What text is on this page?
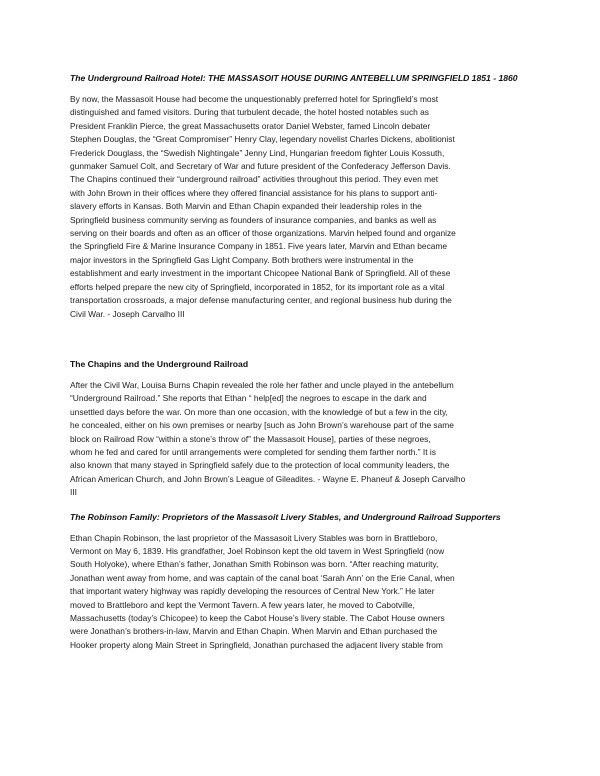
The Underground Railroad Hotel: THE MASSASOIT HOUSE DURING ANTEBELLUM SPRINGFIELD 1851 - 1860

By now, the Massasoit House had become the unquestionably preferred hotel for Springfield’s most
distinguished and famed visitors. During that turbulent decade, the hotel hosted notables such as
President Franklin Pierce, the great Massachusetts orator Daniel Webster, famed Lincoln debater
Stephen Douglas, the “Great Compromiser” Henry Clay, legendary novelist Charles Dickens, abolitionist
Frederick Douglass, the “Swedish Nightingale” Jenny Lind, Hungarian freedom fighter Louis Kossuth,
gunmaker Samuel Colt, and Secretary of War and future president of the Confederacy Jefferson Davis.
The Chapins continued their “underground railroad” activities throughout this period. They even met
with John Brown in their offices where they offered financial assistance for his plans to support anti-
slavery efforts in Kansas. Both Marvin and Ethan Chapin expanded their leadership roles in the
Springfield business community serving as founders of insurance companies, and banks as well as
serving on their boards and often as an officer of those organizations. Marvin helped found and organize
the Springfield Fire & Marine Insurance Company in 1851. Five years later, Marvin and Ethan became
major investors in the Springfield Gas Light Company. Both brothers were instrumental in the
establishment and early investment in the important Chicopee National Bank of Springfield. All of these
efforts helped prepare the new city of Springfield, incorporated in 1852, for its important role as a vital
transportation crossroads, a major defense manufacturing center, and regional business hub during the
Civil War. - Joseph Carvalho III

The Chapins and the Underground Railroad

After the Civil War, Louisa Burns Chapin revealed the role her father and uncle played in the antebellum
“Underground Railroad.” She reports that Ethan “ help[ed] the negroes to escape in the dark and
unsettled days before the war. On more than one occasion, with the knowledge of but a few in the city,
he concealed, either on his own premises or nearby [such as John Brown’s warehouse part of the same
block on Railroad Row “within a stone’s throw of” the Massasoit House], parties of these negroes,
whom he fed and cared for until arrangements were completed for sending them farther north.” It is
also known that many stayed in Springfield safely due to the protection of local community leaders, the
African American Church, and John Brown’s League of Gileadites. - Wayne E. Phaneuf & Joseph Carvalho
III

The Robinson Family: Proprietors of the Massasoit Livery Stables, and Underground Railroad Supporters

Ethan Chapin Robinson, the last proprietor of the Massasoit Livery Stables was born in Brattleboro,
Vermont on May 6, 1839. His grandfather, Joel Robinson kept the old tavern in West Springfield (now
South Holyoke), where Ethan’s father, Jonathan Smith Robinson was born. “After reaching maturity,
Jonathan went away from home, and was captain of the canal boat ‘Sarah Ann’ on the Erie Canal, when
that important watery highway was rapidly developing the resources of Central New York.” He later
moved to Brattleboro and kept the Vermont Tavern. A few years later, he moved to Cabotville,
Massachusetts (today’s Chicopee) to keep the Cabot House’s livery stable. The Cabot House owners
were Jonathan’s brothers-in-law, Marvin and Ethan Chapin. When Marvin and Ethan purchased the
Hooker property along Main Street in Springfield, Jonathan purchased the adjacent livery stable from
